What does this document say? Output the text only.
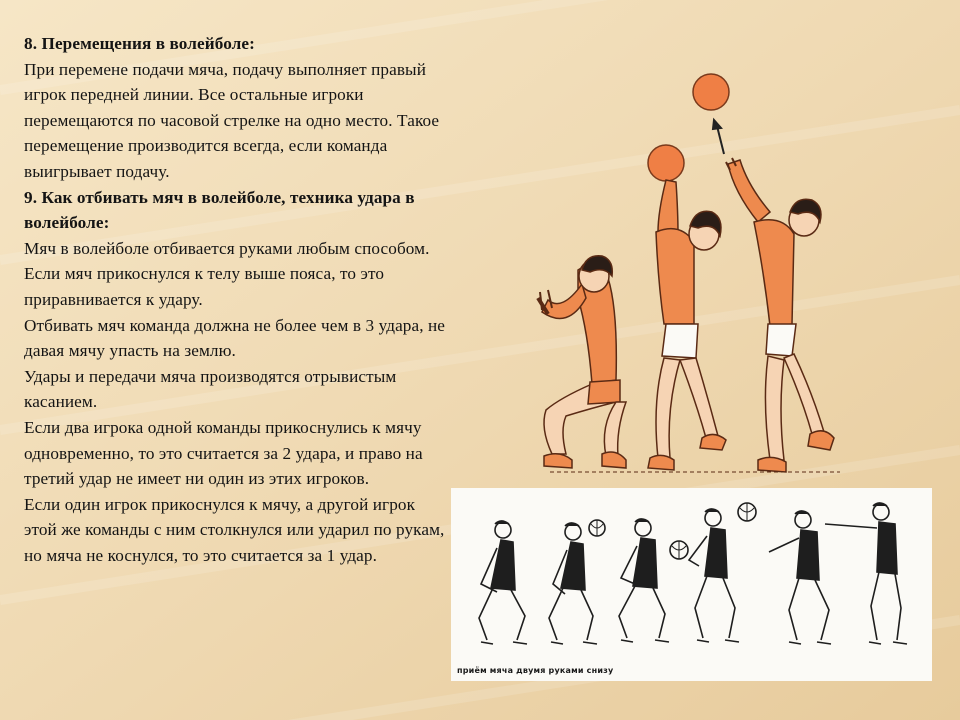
8. Перемещения в волейболе:

При перемене подачи мяча, подачу выполняет правый игрок передней линии. Все остальные игроки перемещаются по часовой стрелке на одно место. Такое перемещение производится всегда, если команда выигрывает подачу.

9. Как отбивать мяч в волейболе, техника удара в волейболе:

Мяч в волейболе отбивается руками любым способом. Если мяч прикоснулся к телу выше пояса, то это приравнивается к удару.

Отбивать мяч команда должна не более чем в 3 удара, не давая мячу упасть на землю.

Удары и передачи мяча производятся отрывистым касанием.

Если два игрока одной команды прикоснулись к мячу одновременно, то это считается за 2 удара, и право на третий удар не имеет ни один из этих игроков.

Если один игрок прикоснулся к мячу, а другой игрок этой же команды с ним столкнулся или ударил по рукам, но мяча не коснулся, то это считается за 1 удар.

приём мяча двумя руками снизу
